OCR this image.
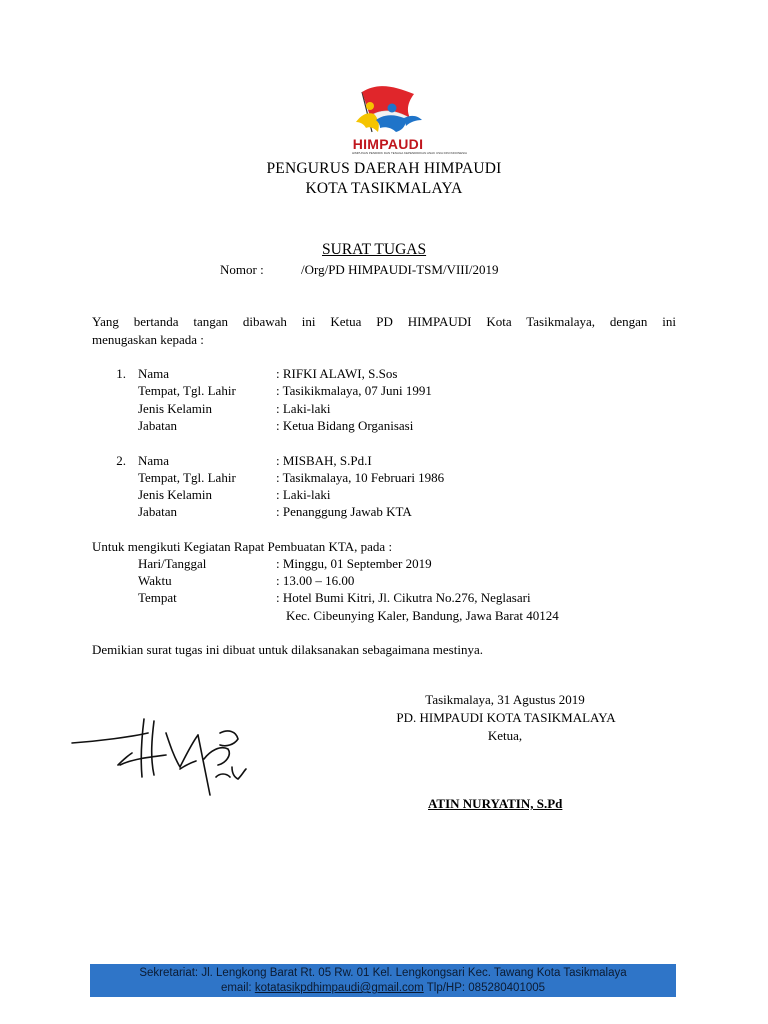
HIMPAUDI
HIMPUNAN PENDIDIK DAN TENAGA KEPENDIDIKAN ANAK USIA DINI INDONESIA
PENGURUS DAERAH HIMPAUDI
KOTA TASIKMALAYA
SURAT TUGAS
Nomor :	/Org/PD HIMPAUDI-TSM/VIII/2019
Yang bertanda tangan dibawah ini Ketua PD HIMPAUDI Kota Tasikmalaya, dengan ini
menugaskan kepada :
1. Nama	: RIFKI ALAWI, S.Sos
Tempat, Tgl. Lahir	: Tasikikmalaya, 07 Juni 1991
Jenis Kelamin	: Laki-laki
Jabatan	: Ketua Bidang Organisasi
2. Nama	: MISBAH, S.Pd.I
Tempat, Tgl. Lahir	: Tasikmalaya, 10 Februari 1986
Jenis Kelamin	: Laki-laki
Jabatan	: Penanggung Jawab KTA
Untuk mengikuti Kegiatan Rapat Pembuatan KTA, pada :
Hari/Tanggal	: Minggu, 01 September 2019
Waktu	: 13.00 – 16.00
Tempat	: Hotel Bumi Kitri, Jl. Cikutra No.276, Neglasari
Kec. Cibeunying Kaler, Bandung, Jawa Barat 40124
Demikian surat tugas ini dibuat untuk dilaksanakan sebagaimana mestinya.
Tasikmalaya, 31 Agustus 2019
PD. HIMPAUDI KOTA TASIKMALAYA
Ketua,
ATIN NURYATIN, S.Pd
Sekretariat: Jl. Lengkong Barat Rt. 05 Rw. 01 Kel. Lengkongsari Kec. Tawang Kota Tasikmalaya
email: kotatasikpdhimpaudi@gmail.com Tlp/HP: 085280401005
